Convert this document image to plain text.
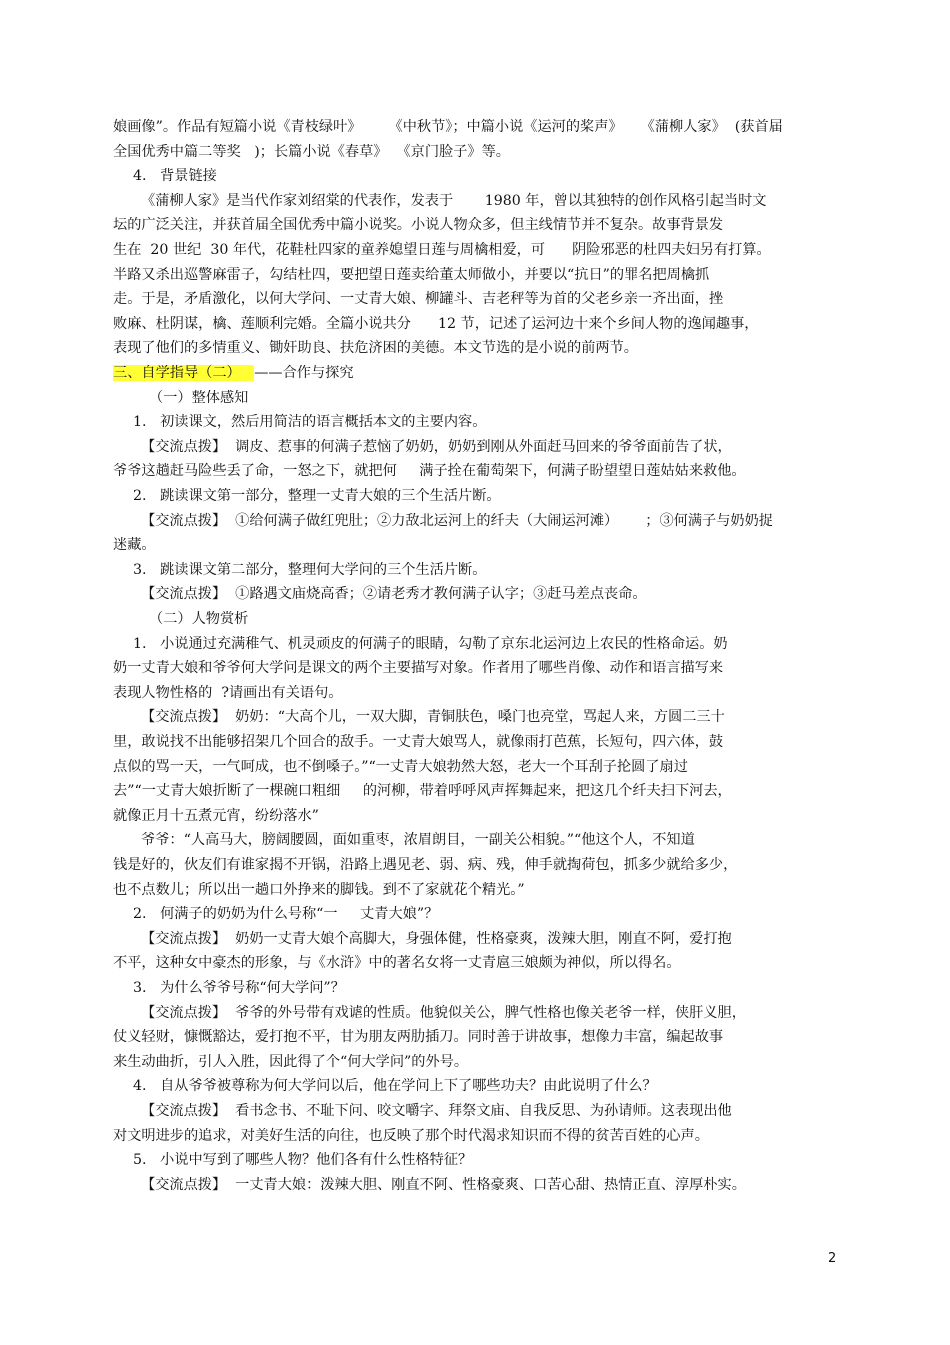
娘画像”。作品有短篇小说《青枝绿叶》      《中秋节》；中篇小说《运河的桨声》    《蒲柳人家》  (获首届
全国优秀中篇二等奖   )；长篇小说《春草》  《京门脸子》等。
4.   背景链接
《蒲柳人家》是当代作家刘绍棠的代表作，发表于       1980 年，曾以其独特的创作风格引起当时文
坛的广泛关注，并获首届全国优秀中篇小说奖。小说人物众多，但主线情节并不复杂。故事背景发
生在  20 世纪  30 年代，花鞋杜四家的童养媳望日莲与周檎相爱，可      阴险邪恶的杜四夫妇另有打算。
半路又杀出巡警麻雷子，勾结杜四，要把望日莲卖给董太师做小，并要以“抗日”的罪名把周檎抓
走。于是，矛盾激化，以何大学问、一丈青大娘、柳罐斗、吉老秤等为首的父老乡亲一齐出面，挫
败麻、杜阴谋，檎、莲顺利完婚。全篇小说共分      12 节，记述了运河边十来个乡间人物的逸闻趣事，
表现了他们的多情重义、锄奸助良、扶危济困的美德。本文节选的是小说的前两节。
三、自学指导（二）   ——合作与探究
（一）整体感知
1.   初读课文，然后用简洁的语言概括本文的主要内容。
【交流点拨】  调皮、惹事的何满子惹恼了奶奶，奶奶到刚从外面赶马回来的爷爷面前告了状，
爷爷这趟赶马险些丢了命，一怒之下，就把何     满子拴在葡萄架下，何满子盼望望日莲姑姑来救他。
2.   跳读课文第一部分，整理一丈青大娘的三个生活片断。
【交流点拨】  ①给何满子做红兜肚；②力敌北运河上的纤夫（大闹运河滩）      ；③何满子与奶奶捉
迷藏。
3.   跳读课文第二部分，整理何大学问的三个生活片断。
【交流点拨】  ①路遇文庙烧高香；②请老秀才教何满子认字；③赶马差点丧命。
（二）人物赏析
1.   小说通过充满稚气、机灵顽皮的何满子的眼睛，勾勒了京东北运河边上农民的性格命运。奶
奶一丈青大娘和爷爷何大学问是课文的两个主要描写对象。作者用了哪些肖像、动作和语言描写来
表现人物性格的  ?请画出有关语句。
【交流点拨】  奶奶：“大高个儿，一双大脚，青铜肤色，嗓门也亮堂，骂起人来，方圆二三十
里，敢说找不出能够招架几个回合的敌手。一丈青大娘骂人，就像雨打芭蕉，长短句，四六体，鼓
点似的骂一天，一气呵成，也不倒嗓子。”“一丈青大娘勃然大怒，老大一个耳刮子抡圆了扇过
去”“一丈青大娘折断了一棵碗口粗细     的河柳，带着呼呼风声挥舞起来，把这几个纤夫扫下河去，
就像正月十五煮元宵，纷纷落水”
爷爷：“人高马大，膀阔腰圆，面如重枣，浓眉朗目，一副关公相貌。”“他这个人，不知道
钱是好的，伙友们有谁家揭不开锅，沿路上遇见老、弱、病、残，伸手就掏荷包，抓多少就给多少，
也不点数儿；所以出一趟口外挣来的脚钱。到不了家就花个精光。”
2.   何满子的奶奶为什么号称“一     丈青大娘”？
【交流点拨】  奶奶一丈青大娘个高脚大，身强体健，性格豪爽，泼辣大胆，刚直不阿，爱打抱
不平，这种女中豪杰的形象，与《水浒》中的著名女将一丈青扈三娘颇为神似，所以得名。
3.   为什么爷爷号称“何大学问”？
【交流点拨】  爷爷的外号带有戏谑的性质。他貌似关公，脾气性格也像关老爷一样，侠肝义胆，
仗义轻财，慷慨豁达，爱打抱不平，甘为朋友两肋插刀。同时善于讲故事，想像力丰富，编起故事
来生动曲折，引人入胜，因此得了个“何大学问”的外号。
4.   自从爷爷被尊称为何大学问以后，他在学问上下了哪些功夫？由此说明了什么？
【交流点拨】  看书念书、不耻下问、咬文嚼字、拜祭文庙、自我反思、为孙请师。这表现出他
对文明进步的追求，对美好生活的向往，也反映了那个时代渴求知识而不得的贫苦百姓的心声。
5.   小说中写到了哪些人物？他们各有什么性格特征？
【交流点拨】  一丈青大娘：泼辣大胆、刚直不阿、性格豪爽、口苦心甜、热情正直、淳厚朴实。
2
